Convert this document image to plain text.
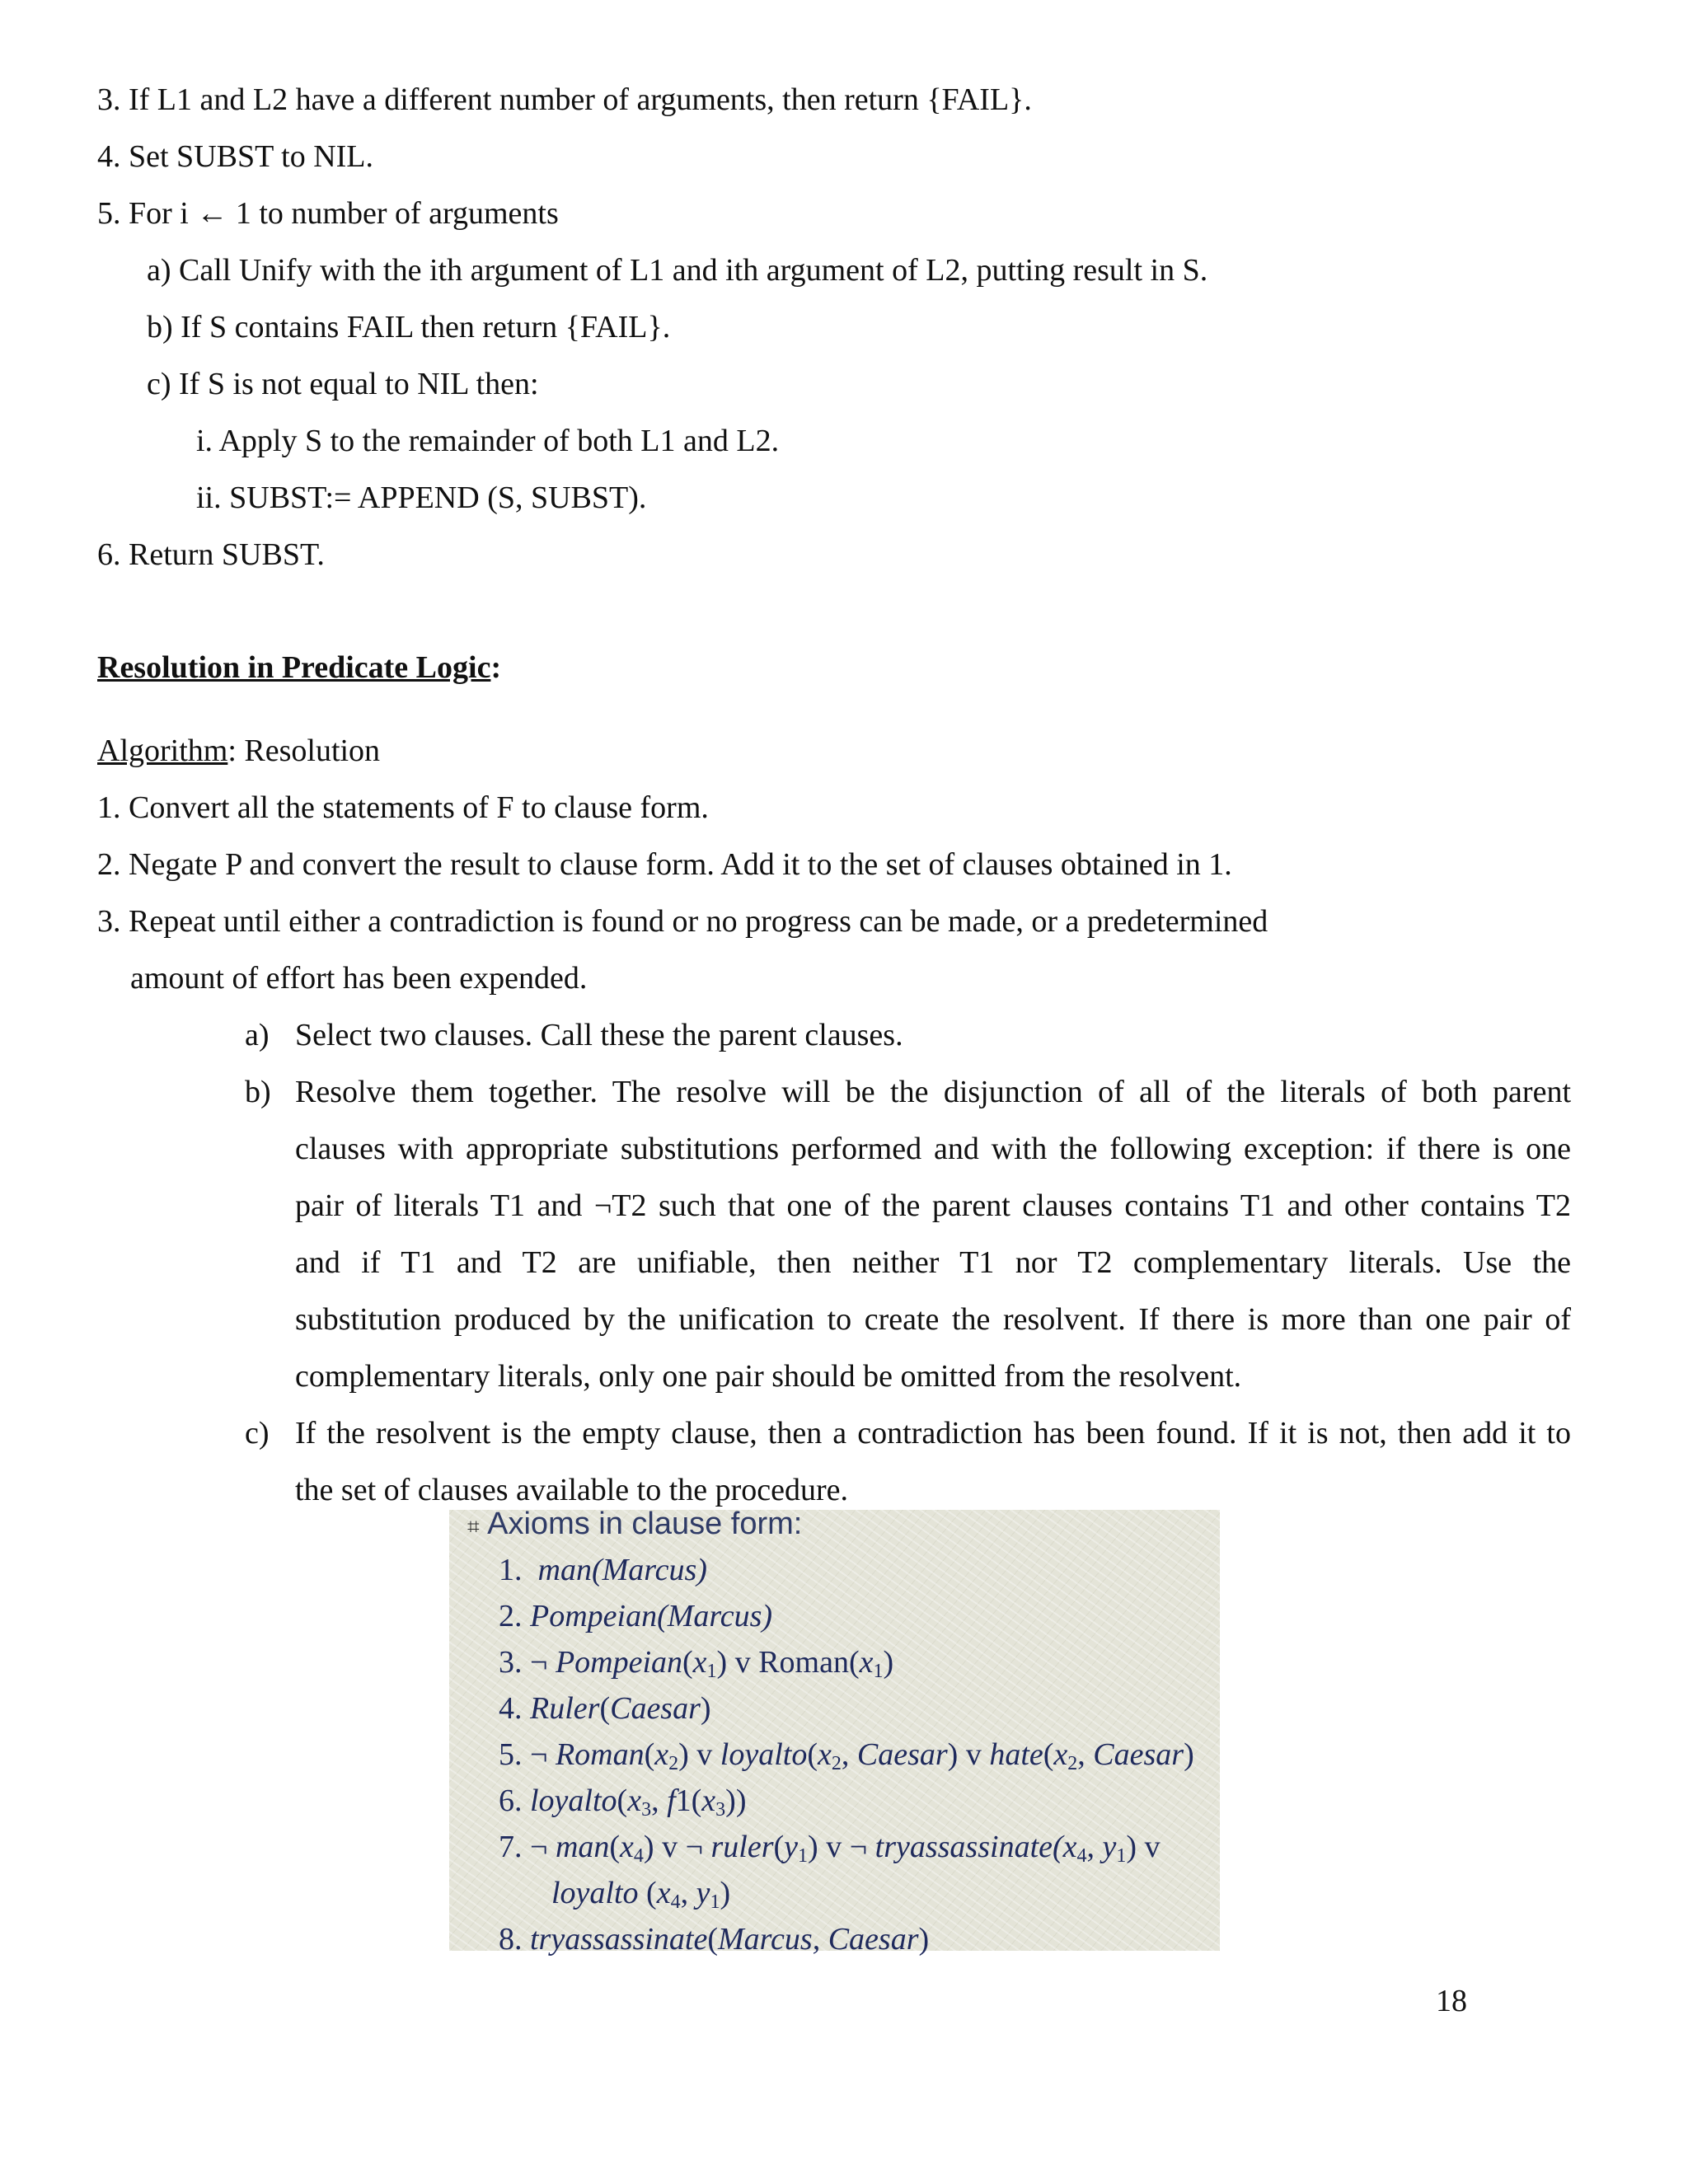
3. If L1 and L2 have a different number of arguments, then return {FAIL}.
4. Set SUBST to NIL.
5. For i ← 1 to number of arguments
a) Call Unify with the ith argument of L1 and ith argument of L2, putting result in S.
b) If S contains FAIL then return {FAIL}.
c) If S is not equal to NIL then:
i. Apply S to the remainder of both L1 and L2.
ii. SUBST:= APPEND (S, SUBST).
6. Return SUBST.
Resolution in Predicate Logic:
Algorithm: Resolution
1. Convert all the statements of F to clause form.
2. Negate P and convert the result to clause form. Add it to the set of clauses obtained in 1.
3. Repeat until either a contradiction is found or no progress can be made, or a predetermined
amount of effort has been expended.
a) Select two clauses. Call these the parent clauses.
b) Resolve them together. The resolve will be the disjunction of all of the literals of both parent
clauses with appropriate substitutions performed and with the following exception: if there is one
pair of literals T1 and ¬T2 such that one of the parent clauses contains T1 and other contains T2
and if T1 and T2 are unifiable, then neither T1 nor T2 complementary literals. Use the
substitution produced by the unification to create the resolvent. If there is more than one pair of
complementary literals, only one pair should be omitted from the resolvent.
c) If the resolvent is the empty clause, then a contradiction has been found. If it is not, then add it to
the set of clauses available to the procedure.
⌗ Axioms in clause form:
1. man(Marcus)
2. Pompeian(Marcus)
3. ¬ $Pompeian(x_1)$ v $Roman(x_1)$
4. Ruler(Caesar)
5. ¬ $Roman(x_2)$ v $loyalto(x_2$, Caesar) v $hate(x_2$, Caesar)
6. $loyalto(x_3$, $f1(x_3)$)
7. ¬ $man(x_4)$ v ¬ $ruler(y_1)$ v ¬ $tryassassinate(x_4$, $y_1$) v
loyalto ($x_4$, $y_1$)
8. tryassassinate(Marcus, Caesar)
18
